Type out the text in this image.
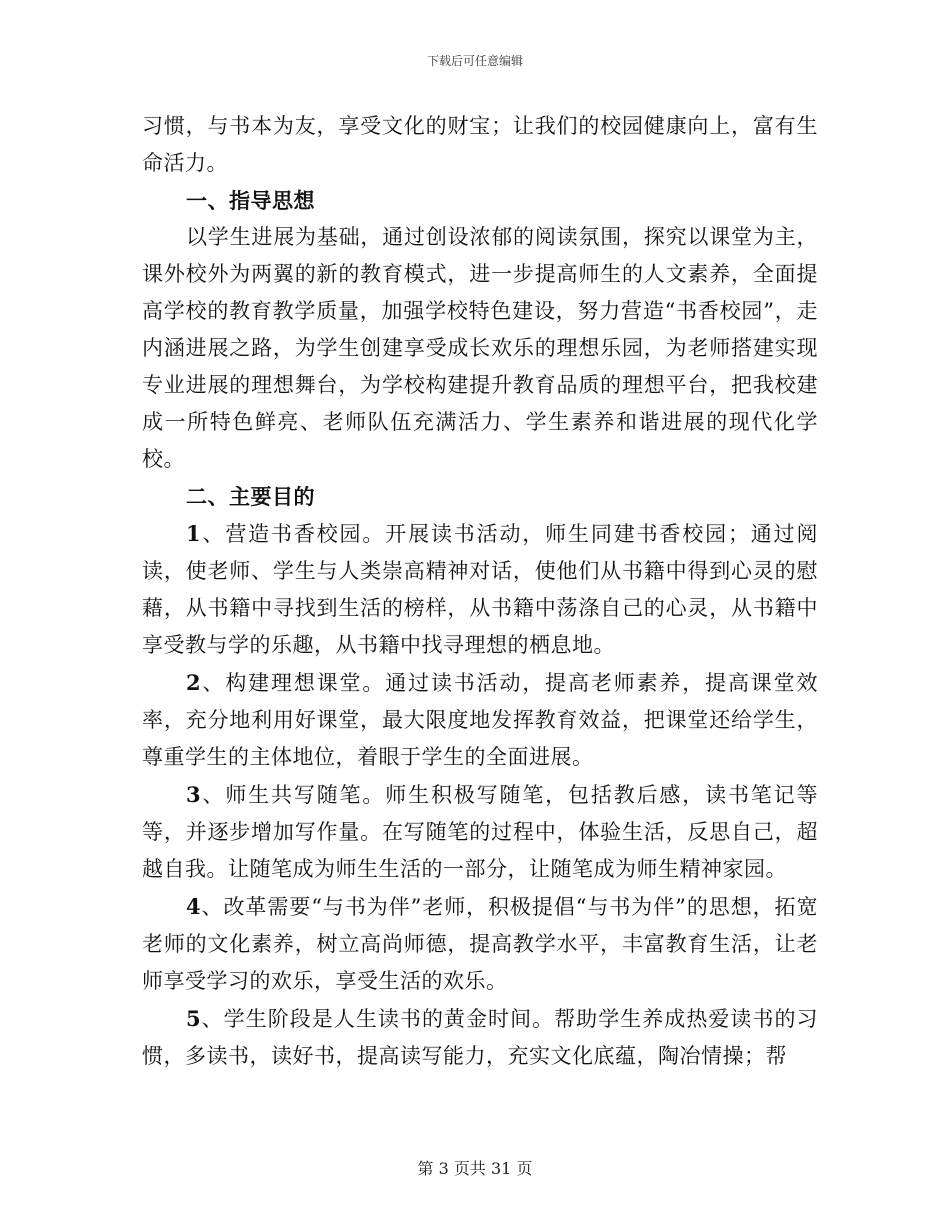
下载后可任意编辑

习惯，与书本为友，享受文化的财宝；让我们的校园健康向上，富有生命活力。

一、指导思想

以学生进展为基础，通过创设浓郁的阅读氛围，探究以课堂为主，课外校外为两翼的新的教育模式，进一步提高师生的人文素养，全面提高学校的教育教学质量，加强学校特色建设，努力营造“书香校园”，走内涵进展之路，为学生创建享受成长欢乐的理想乐园，为老师搭建实现专业进展的理想舞台，为学校构建提升教育品质的理想平台，把我校建成一所特色鲜亮、老师队伍充满活力、学生素养和谐进展的现代化学校。

二、主要目的

1、营造书香校园。开展读书活动，师生同建书香校园；通过阅读，使老师、学生与人类崇高精神对话，使他们从书籍中得到心灵的慰藉，从书籍中寻找到生活的榜样，从书籍中荡涤自己的心灵，从书籍中享受教与学的乐趣，从书籍中找寻理想的栖息地。

2、构建理想课堂。通过读书活动，提高老师素养，提高课堂效率，充分地利用好课堂，最大限度地发挥教育效益，把课堂还给学生，尊重学生的主体地位，着眼于学生的全面进展。

3、师生共写随笔。师生积极写随笔，包括教后感，读书笔记等等，并逐步增加写作量。在写随笔的过程中，体验生活，反思自己，超越自我。让随笔成为师生生活的一部分，让随笔成为师生精神家园。

4、改革需要“与书为伴”老师，积极提倡“与书为伴”的思想，拓宽老师的文化素养，树立高尚师德，提高教学水平，丰富教育生活，让老师享受学习的欢乐，享受生活的欢乐。

5、学生阶段是人生读书的黄金时间。帮助学生养成热爱读书的习惯，多读书，读好书，提高读写能力，充实文化底蕴，陶冶情操；帮

第 3 页共 31 页
